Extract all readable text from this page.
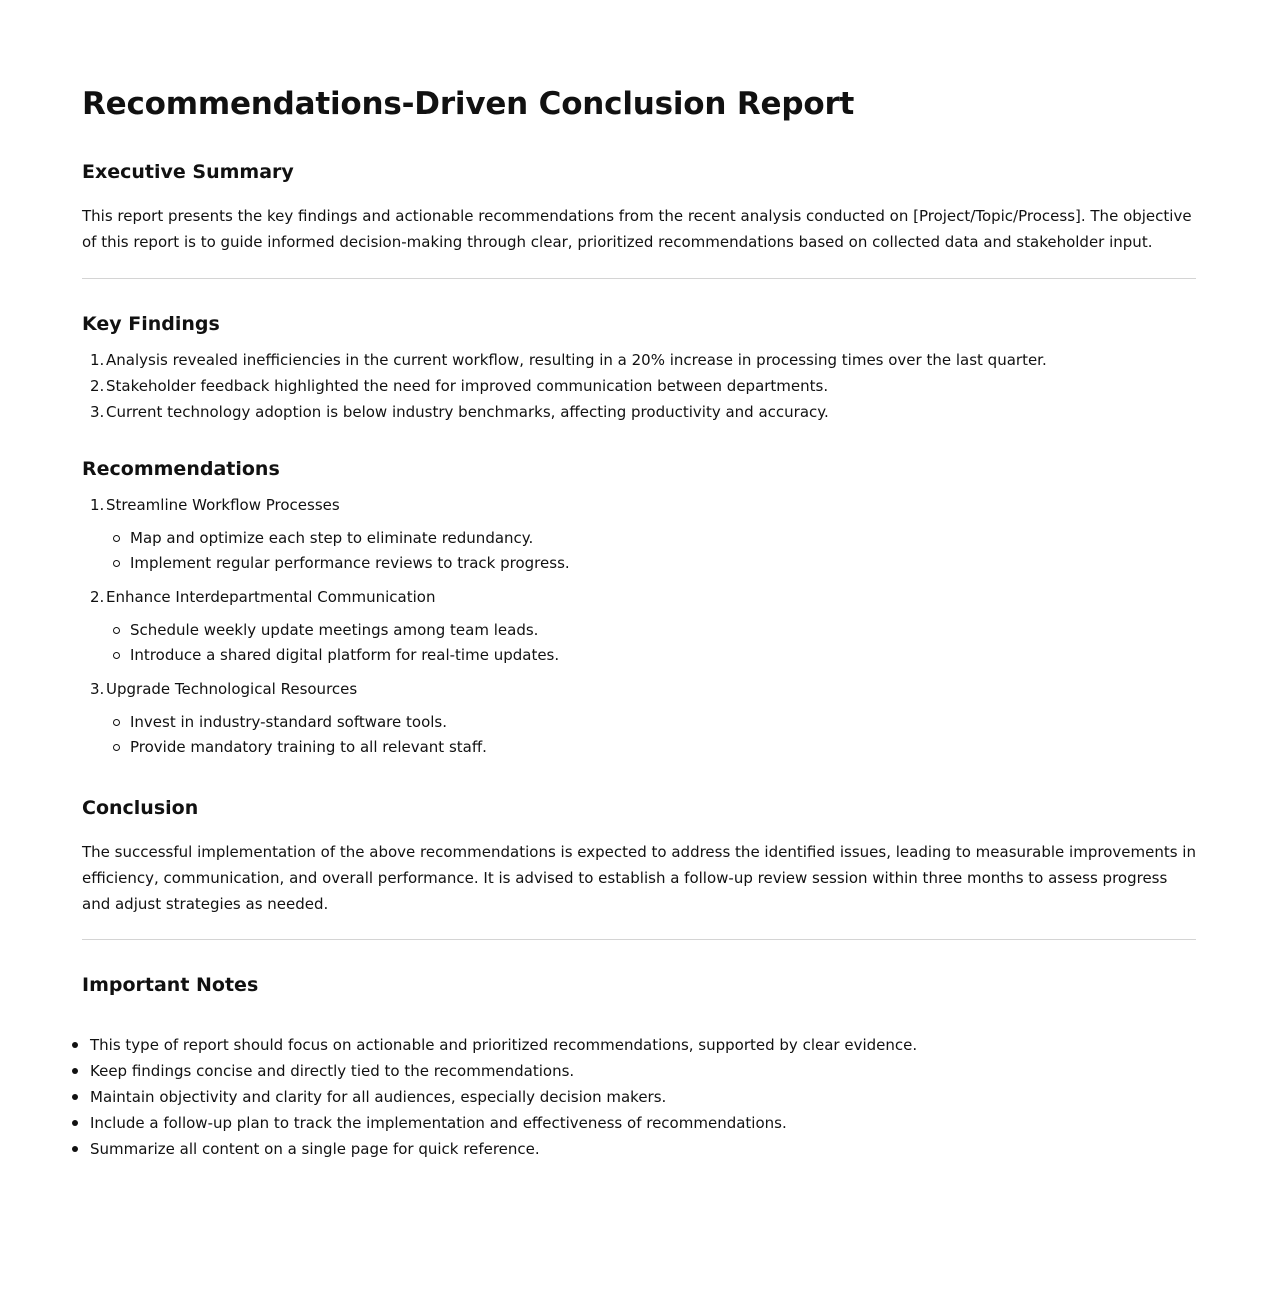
Recommendations-Driven Conclusion Report
Executive Summary

This report presents the key findings and actionable recommendations from the recent analysis conducted on [Project/Topic/Process]. The objective of this report is to guide informed decision-making through clear, prioritized recommendations based on collected data and stakeholder input.

Key Findings
1. Analysis revealed inefficiencies in the current workflow, resulting in a 20% increase in processing times over the last quarter.
2. Stakeholder feedback highlighted the need for improved communication between departments.
3. Current technology adoption is below industry benchmarks, affecting productivity and accuracy.
Recommendations
1. Streamline Workflow Processes
Map and optimize each step to eliminate redundancy.
Implement regular performance reviews to track progress.
2. Enhance Interdepartmental Communication
Schedule weekly update meetings among team leads.
Introduce a shared digital platform for real-time updates.
3. Upgrade Technological Resources
Invest in industry-standard software tools.
Provide mandatory training to all relevant staff.
Conclusion

The successful implementation of the above recommendations is expected to address the identified issues, leading to measurable improvements in efficiency, communication, and overall performance. It is advised to establish a follow-up review session within three months to assess progress and adjust strategies as needed.

Important Notes
This type of report should focus on actionable and prioritized recommendations, supported by clear evidence.
Keep findings concise and directly tied to the recommendations.
Maintain objectivity and clarity for all audiences, especially decision makers.
Include a follow-up plan to track the implementation and effectiveness of recommendations.
Summarize all content on a single page for quick reference.
